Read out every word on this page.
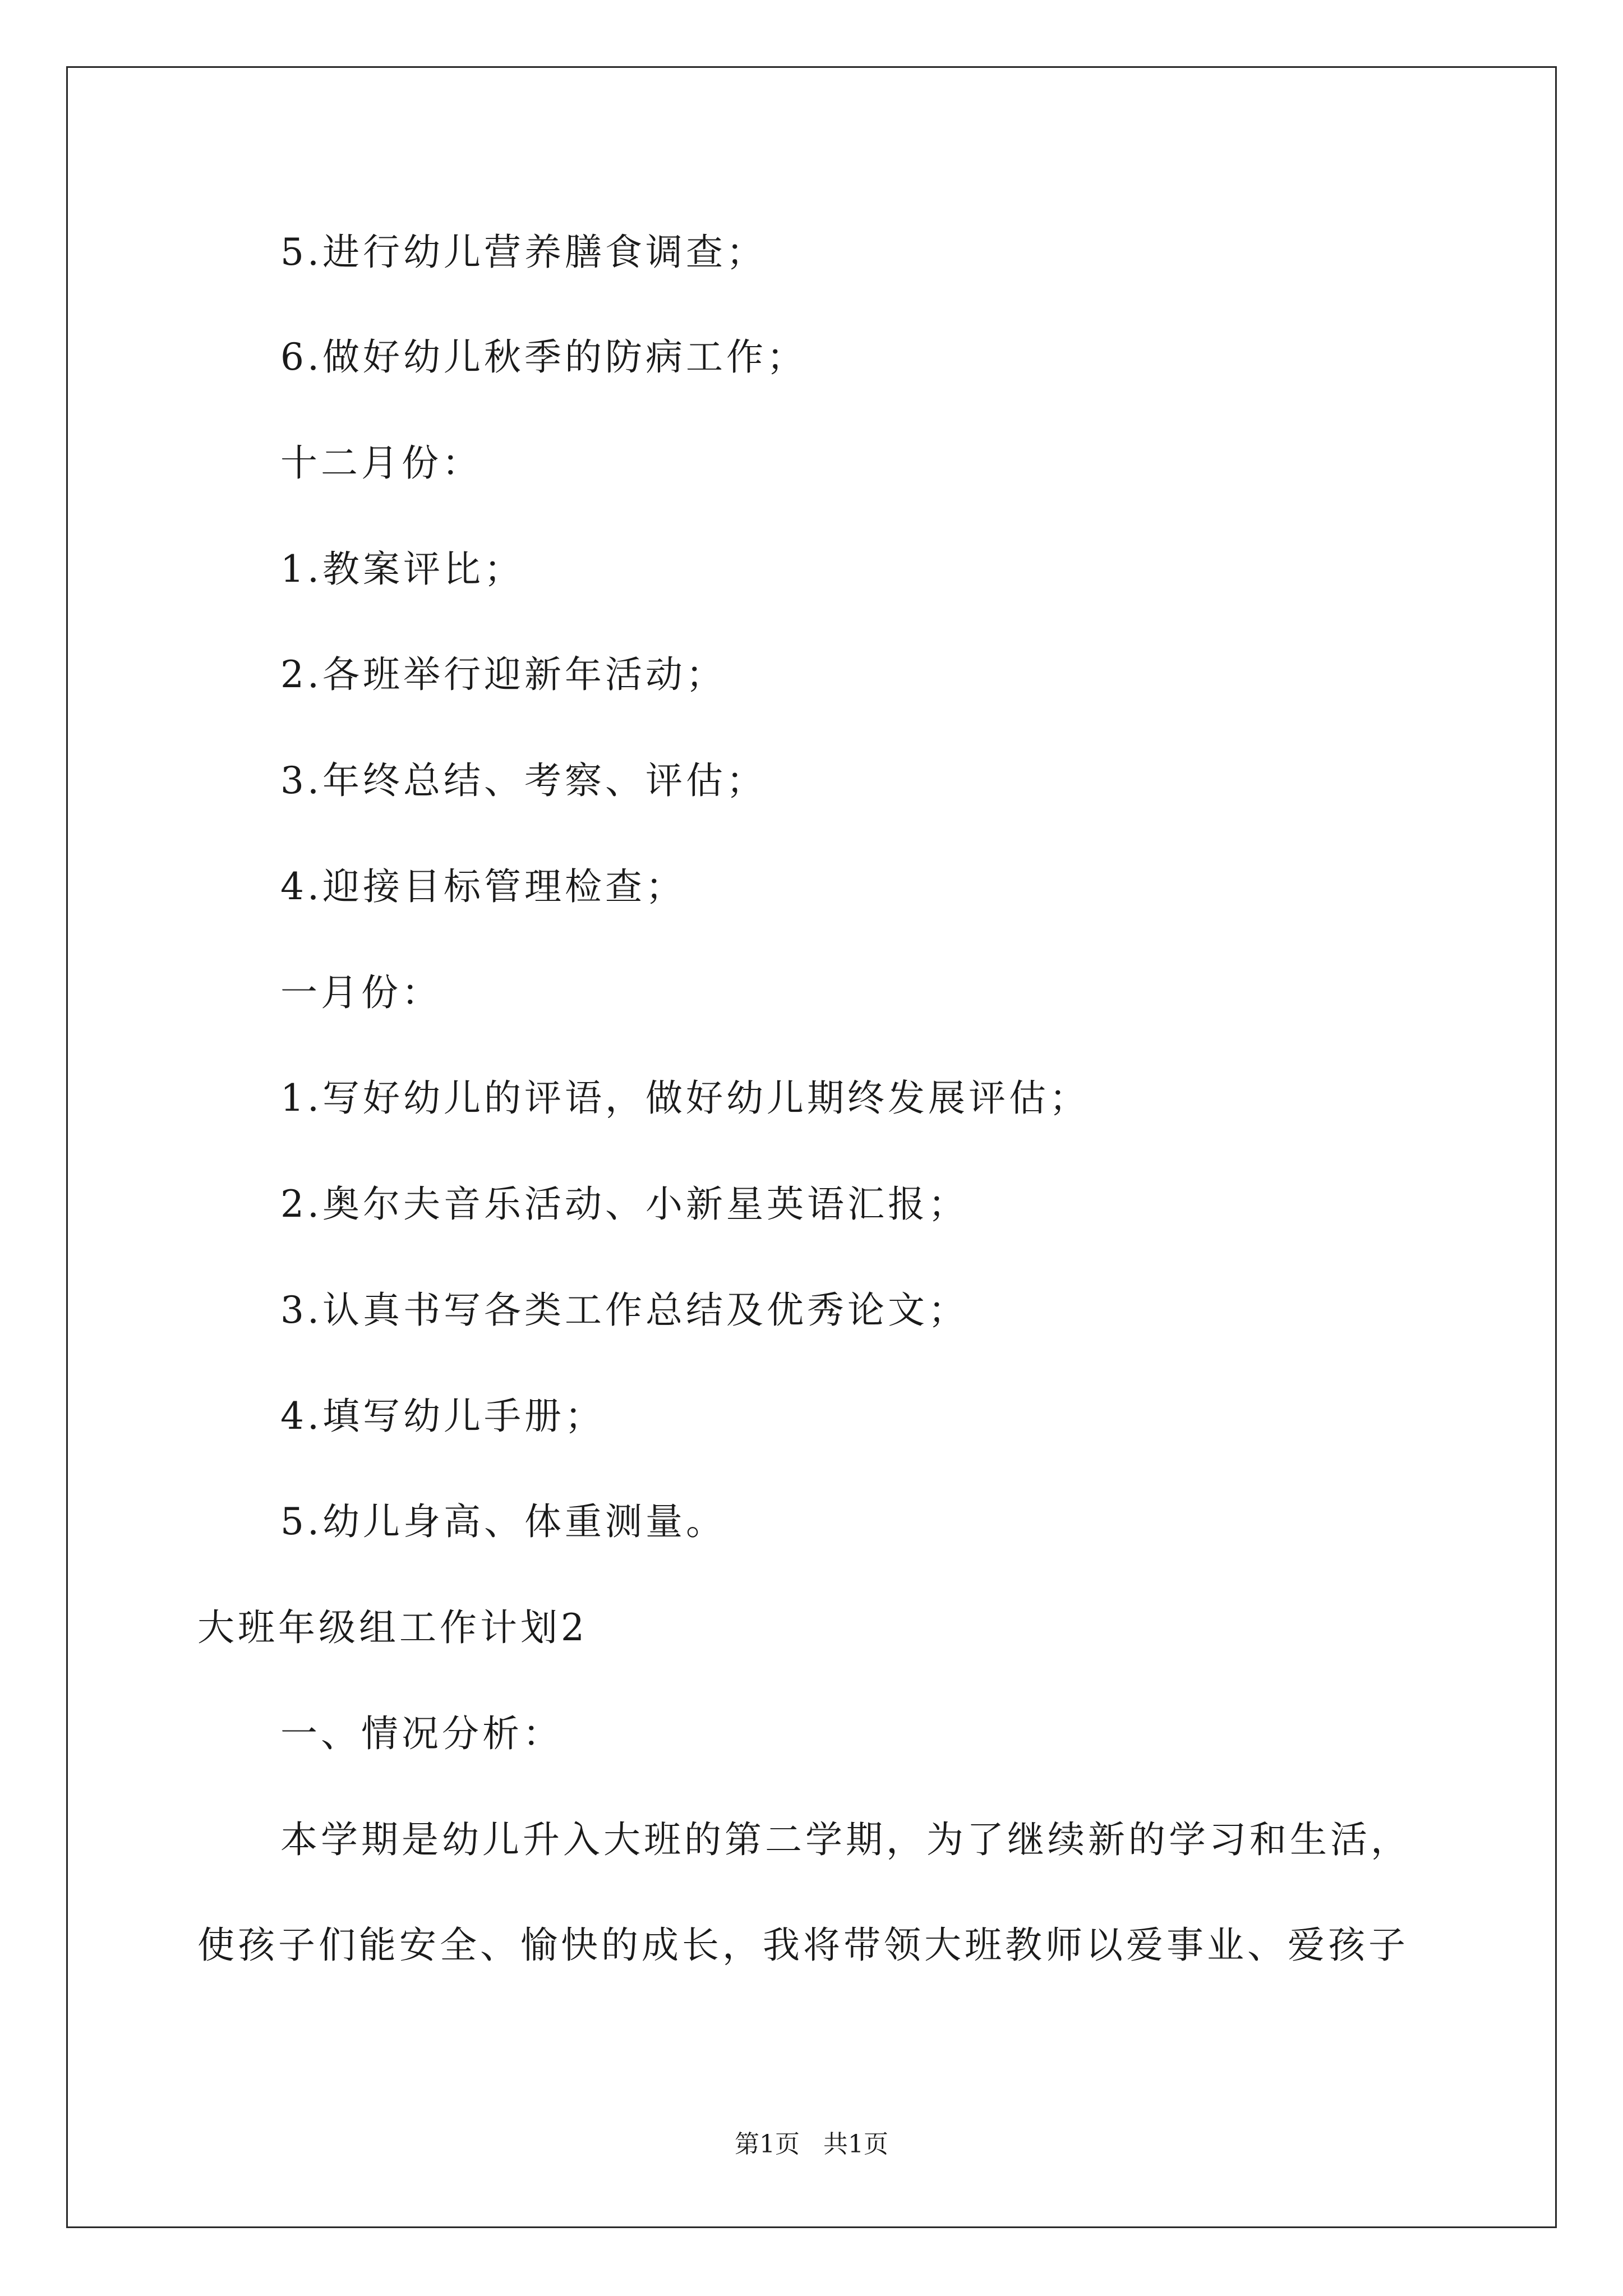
5.进行幼儿营养膳食调查；
6.做好幼儿秋季的防病工作；
十二月份：
1.教案评比；
2.各班举行迎新年活动；
3.年终总结、考察、评估；
4.迎接目标管理检查；
一月份：
1.写好幼儿的评语，做好幼儿期终发展评估；
2.奥尔夫音乐活动、小新星英语汇报；
3.认真书写各类工作总结及优秀论文；
4.填写幼儿手册；
5.幼儿身高、体重测量。
大班年级组工作计划2
一、情况分析：
本学期是幼儿升入大班的第二学期，为了继续新的学习和生活，
使孩子们能安全、愉快的成长，我将带领大班教师以爱事业、爱孩子
第1页   共1页
